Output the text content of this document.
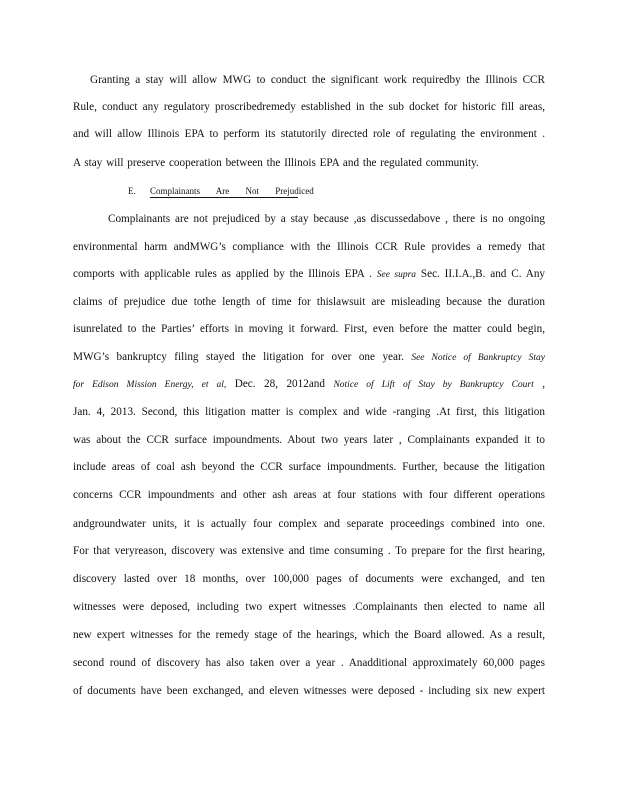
Granting a stay will allow MWG to conduct the significant work requiredby the Illinois CCR
Rule, conduct any regulatory proscribedremedy established in the sub docket for historic fill areas,
and will allow Illinois EPA to perform its statutorily directed role of regulating the environment .
A stay will preserve cooperation between the Illinois EPA and the regulated community.
E. Complainants Are Not Prejudiced
Complainants are not prejudiced by a stay because ,as discussedabove , there is no ongoing
environmental harm andMWG’s compliance with the Illinois CCR Rule provides a remedy that
comports with applicable rules as applied by the Illinois EPA . See supra Sec. II.I.A.,B. and C. Any
claims of prejudice due tothe length of time for thislawsuit are misleading because the duration
isunrelated to the Parties’ efforts in moving it forward. First, even before the matter could begin,
MWG’s bankruptcy filing stayed the litigation for over one year. See Notice of Bankruptcy Stay
for Edison Mission Energy, et al, Dec. 28, 2012and Notice of Lift of Stay by Bankruptcy Court ,
Jan. 4, 2013. Second, this litigation matter is complex and wide -ranging .At first, this litigation
was about the CCR surface impoundments. About two years later , Complainants expanded it to
include areas of coal ash beyond the CCR surface impoundments. Further, because the litigation
concerns CCR impoundments and other ash areas at four stations with four different operations
andgroundwater units, it is actually four complex and separate proceedings combined into one.
For that veryreason, discovery was extensive and time consuming . To prepare for the first hearing,
discovery lasted over 18 months, over 100,000 pages of documents were exchanged, and ten
witnesses were deposed, including two expert witnesses .Complainants then elected to name all
new expert witnesses for the remedy stage of the hearings, which the Board allowed. As a result,
second round of discovery has also taken over a year . Anadditional approximately 60,000 pages
of documents have been exchanged, and eleven witnesses were deposed - including six new expert
